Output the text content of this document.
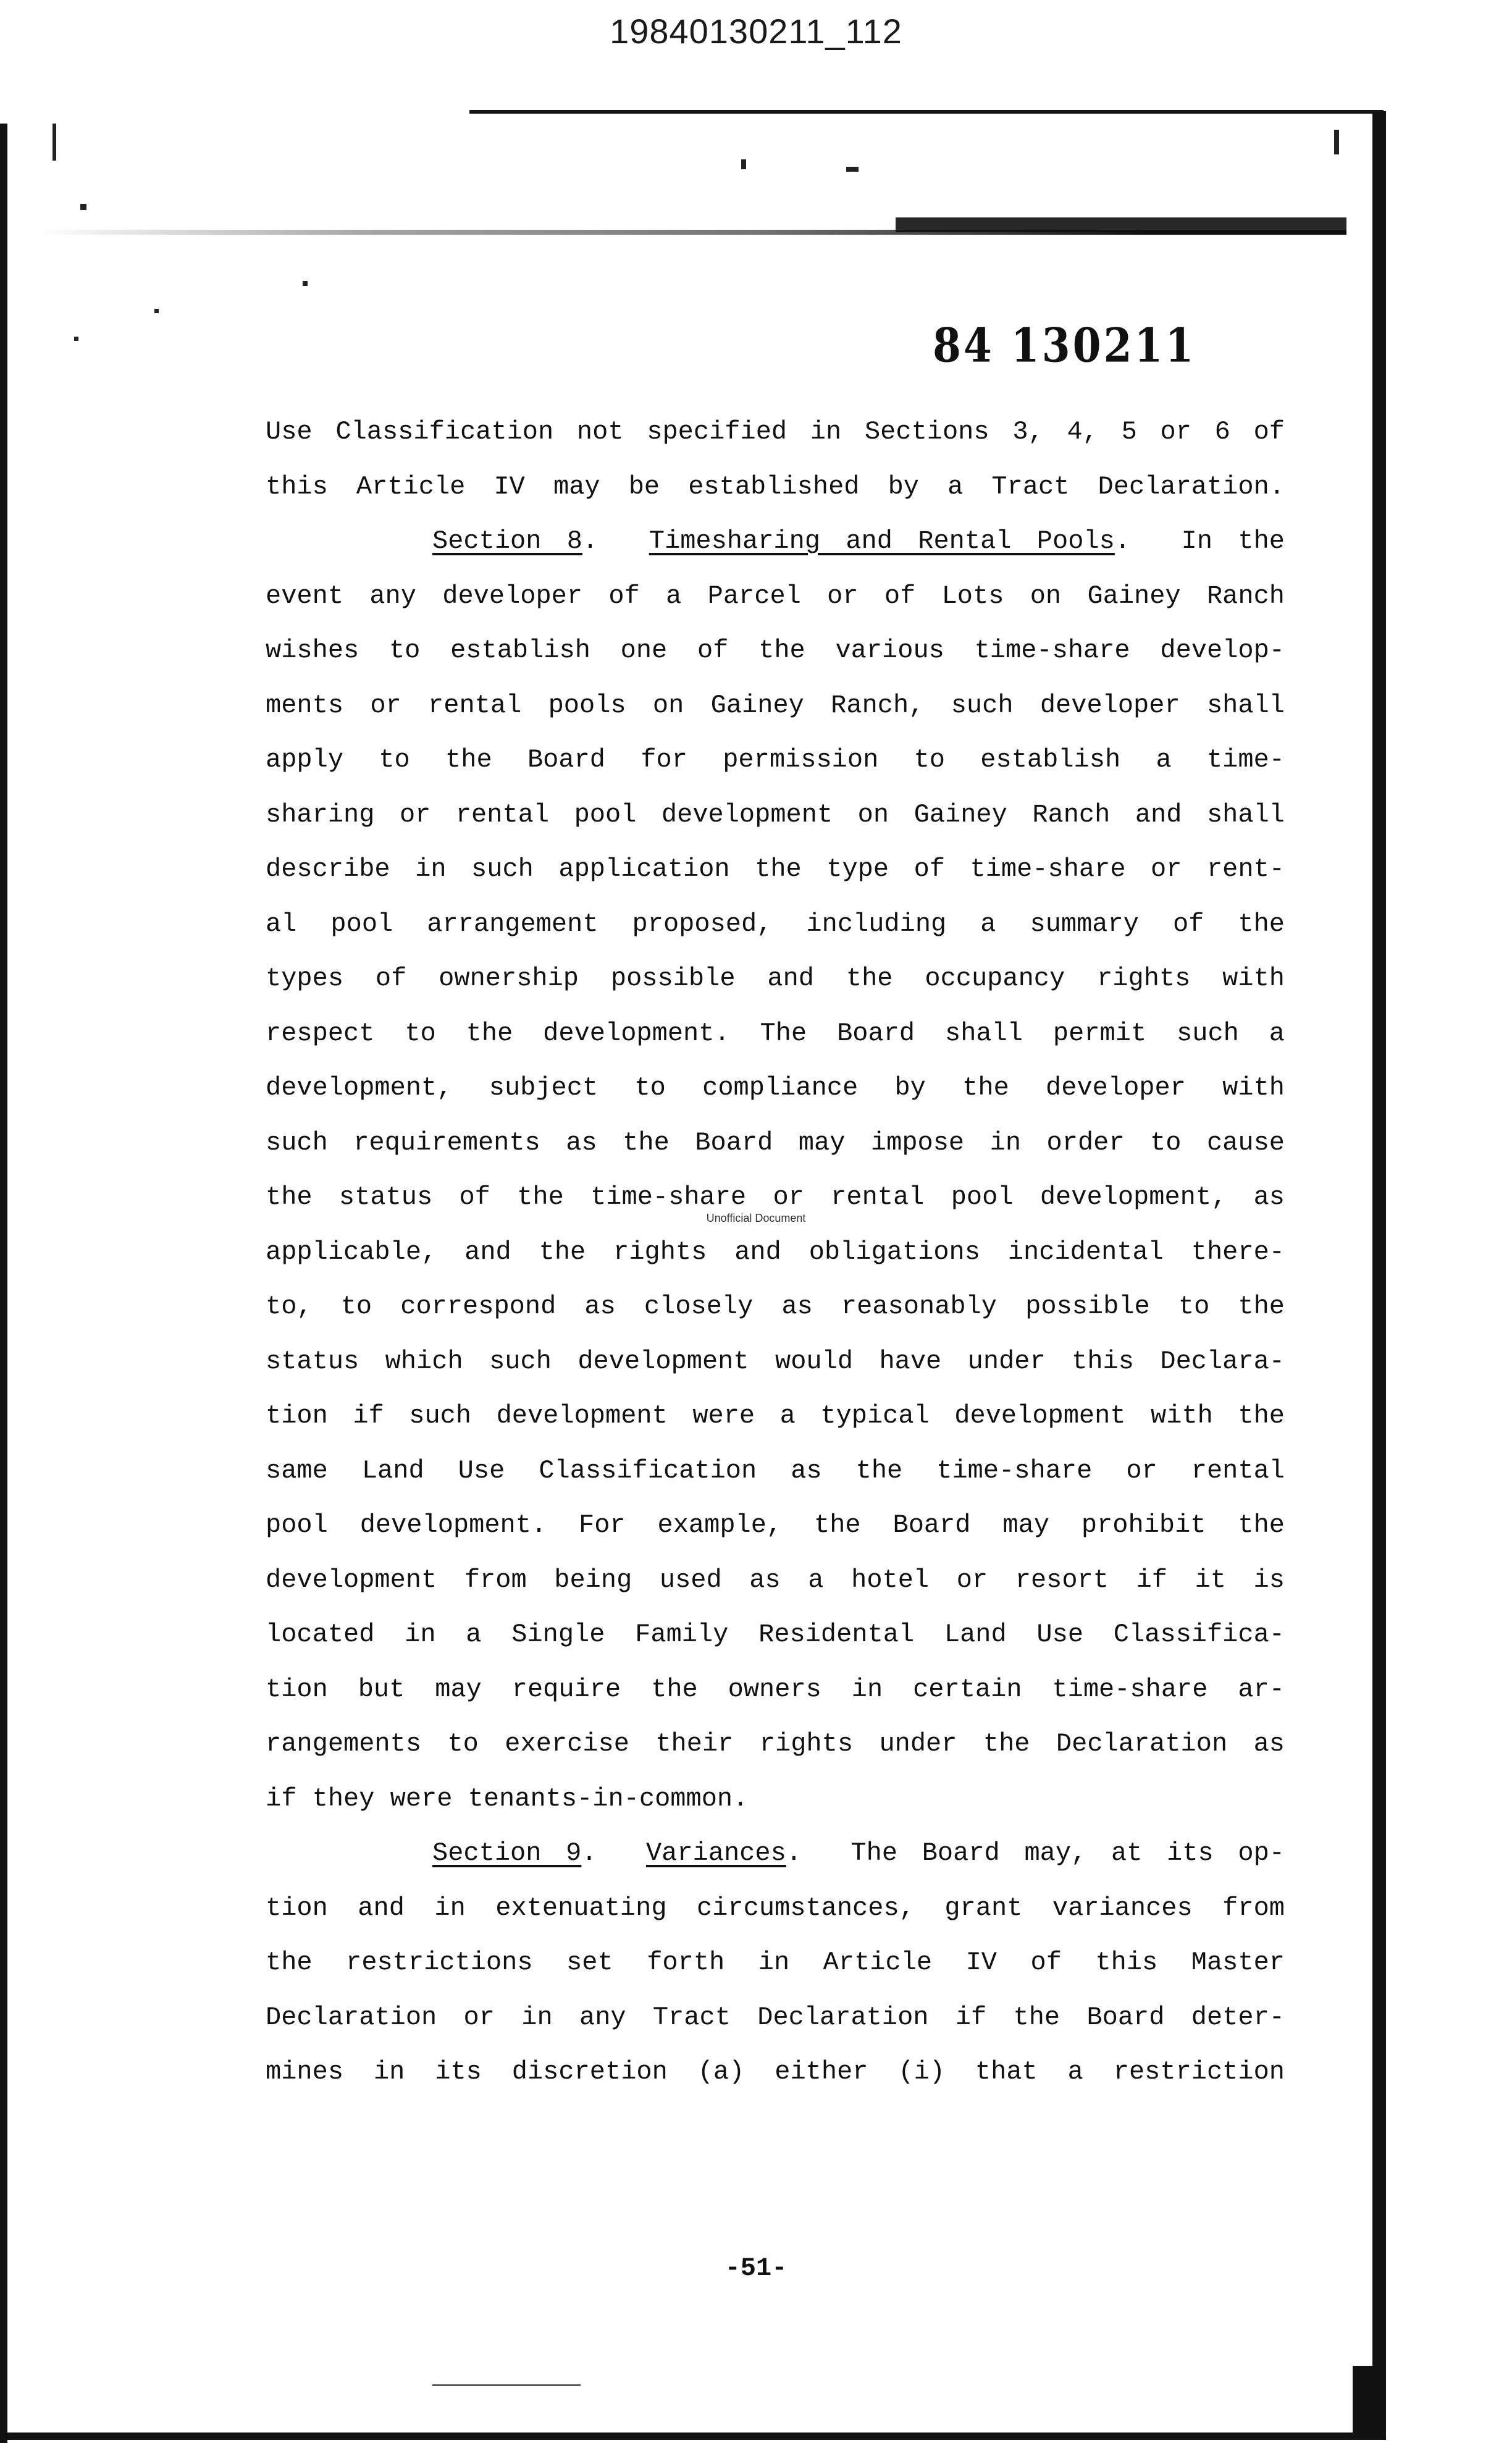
19840130211_112
84 130211
Use Classification not specified in Sections 3, 4, 5 or 6 of
this Article IV may be established by a Tract Declaration.
Section 8.  Timesharing and Rental Pools.  In the
event any developer of a Parcel or of Lots on Gainey Ranch
wishes to establish one of the various time-share develop-
ments or rental pools on Gainey Ranch, such developer shall
apply to the Board for permission to establish a time-
sharing or rental pool development on Gainey Ranch and shall
describe in such application the type of time-share or rent-
al pool arrangement proposed, including a summary of the
types of ownership possible and the occupancy rights with
respect to the development. The Board shall permit such a
development, subject to compliance by the developer with
such requirements as the Board may impose in order to cause
the status of the time-share or rental pool development, as
applicable, and the rights and obligations incidental there-
to, to correspond as closely as reasonably possible to the
status which such development would have under this Declara-
tion if such development were a typical development with the
same Land Use Classification as the time-share or rental
pool development. For example, the Board may prohibit the
development from being used as a hotel or resort if it is
located in a Single Family Residental Land Use Classifica-
tion but may require the owners in certain time-share ar-
rangements to exercise their rights under the Declaration as
if they were tenants-in-common.
Section 9.  Variances.  The Board may, at its op-
tion and in extenuating circumstances, grant variances from
the restrictions set forth in Article IV of this Master
Declaration or in any Tract Declaration if the Board deter-
mines in its discretion (a) either (i) that a restriction
Unofficial Document
-51-
